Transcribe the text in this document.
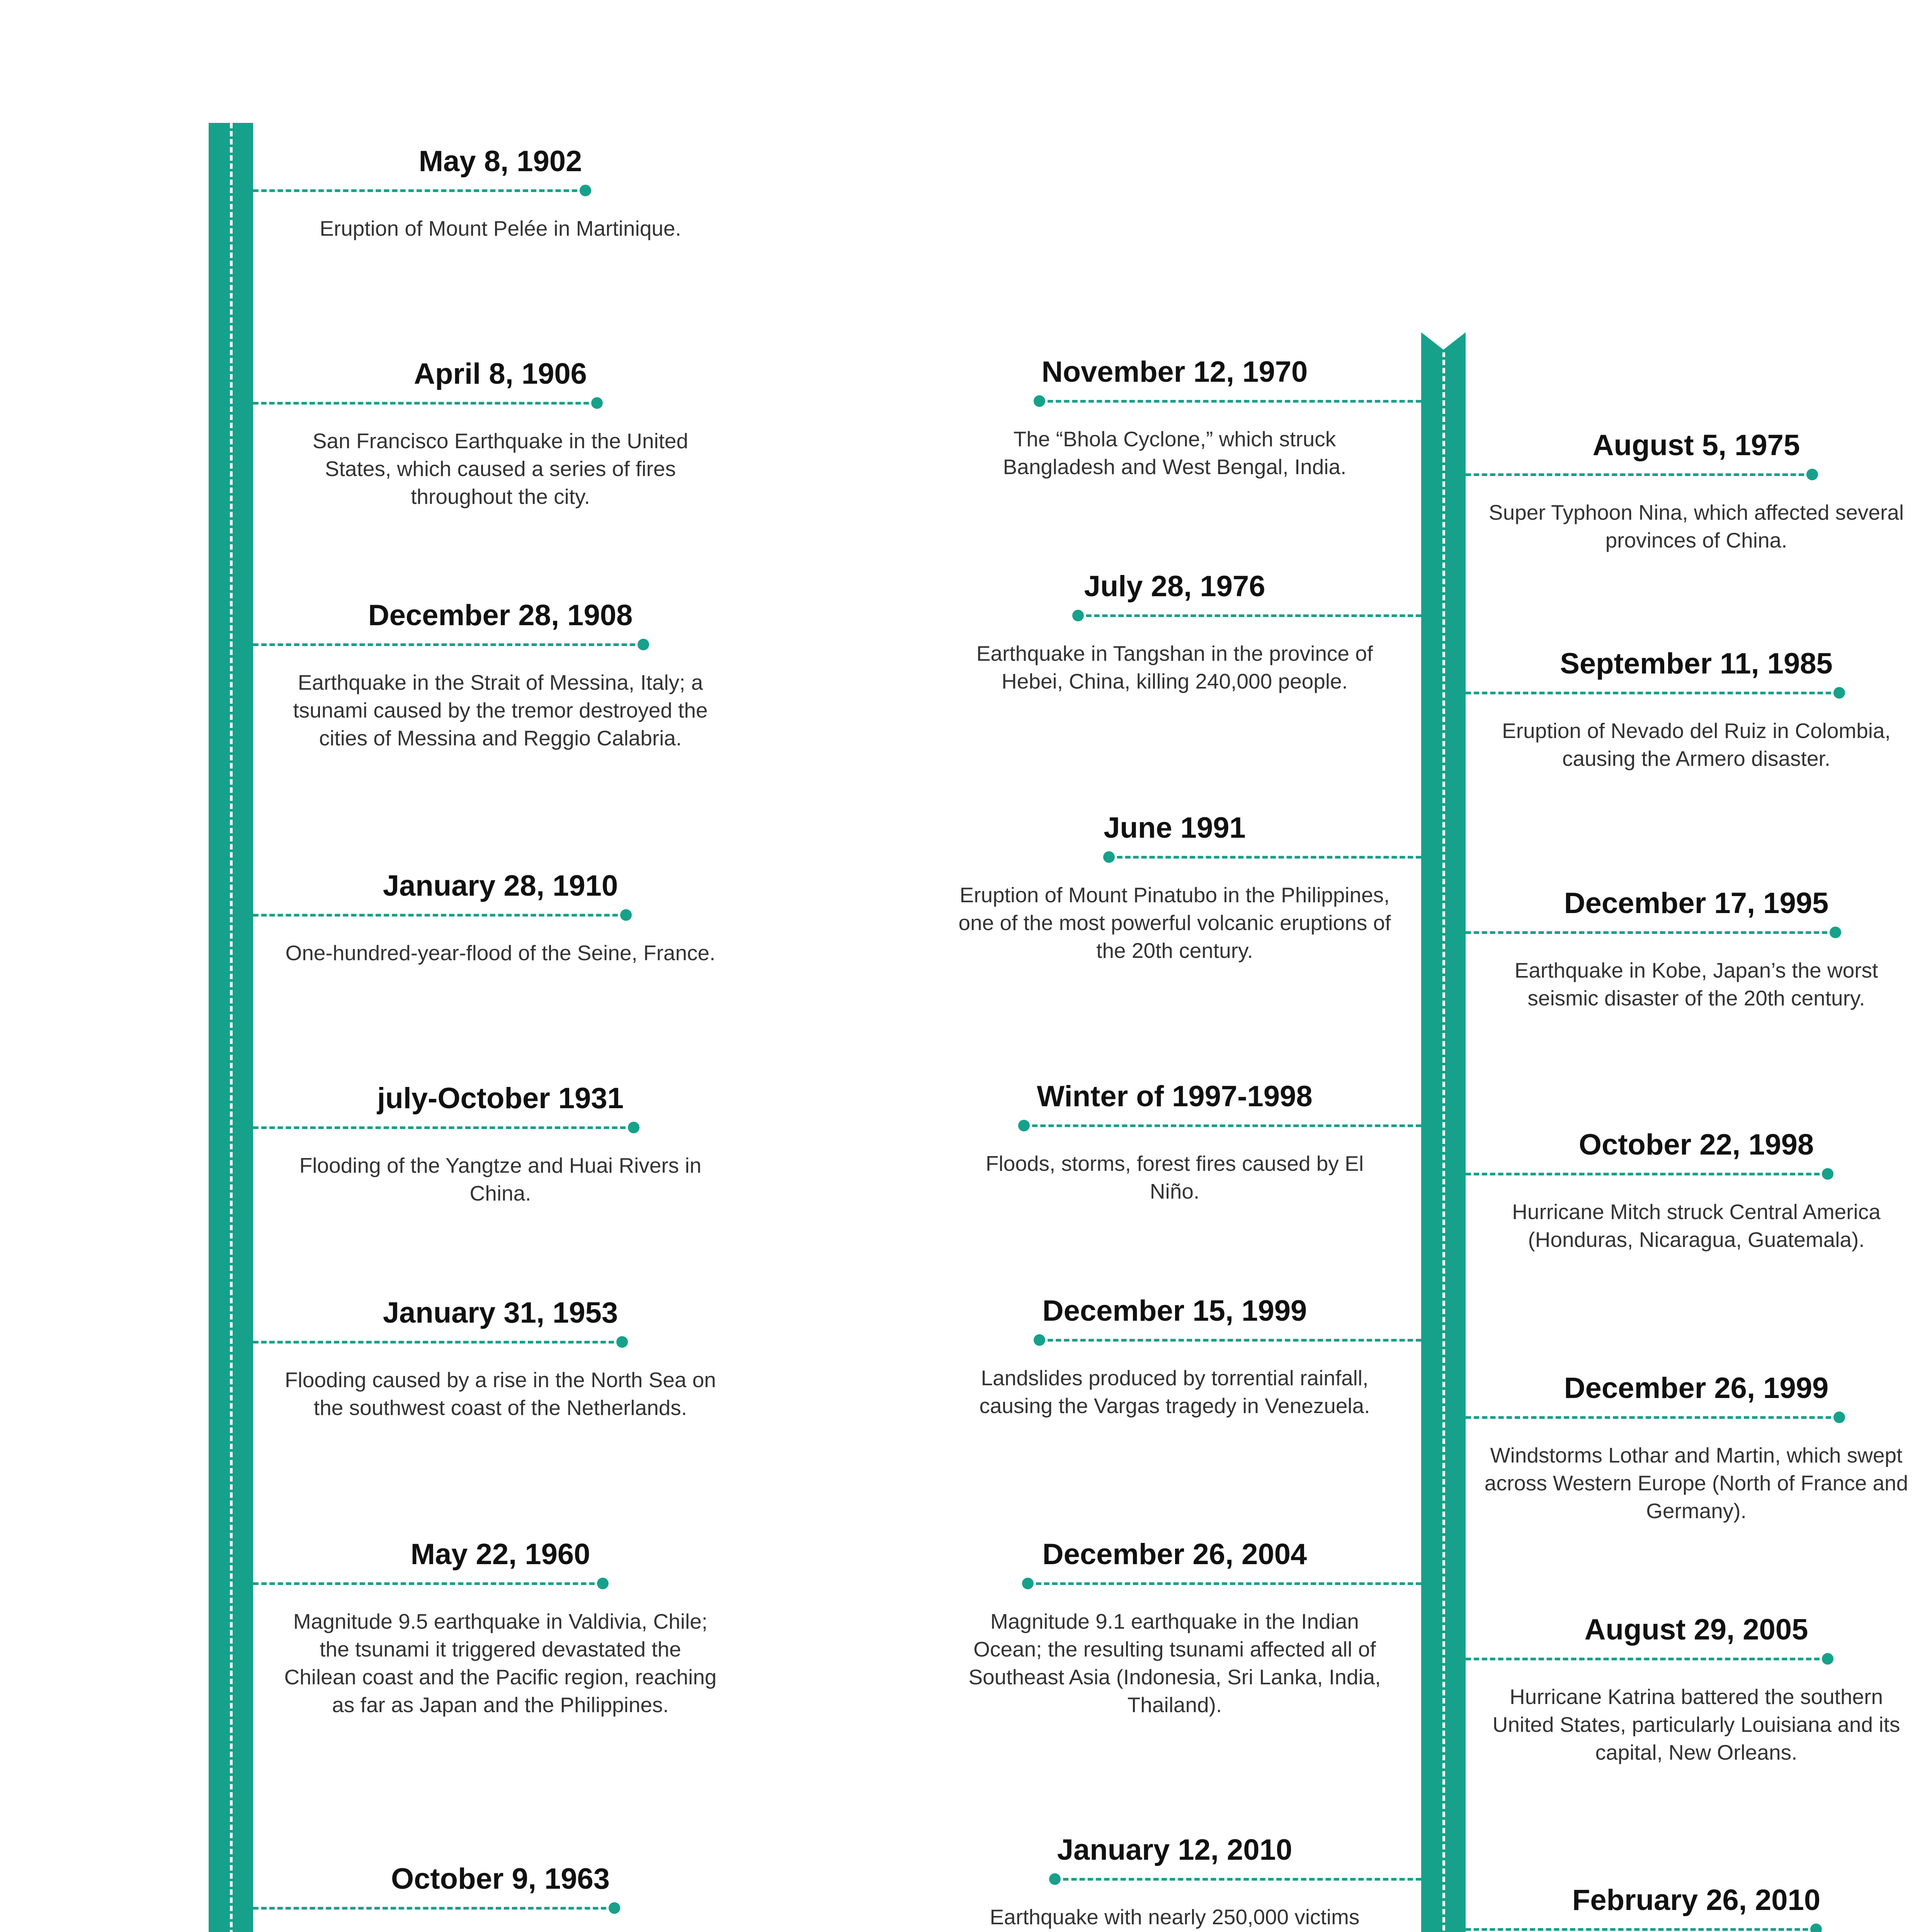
May 8, 1902
Eruption of Mount Pelée in Martinique.
April 8, 1906
San Francisco Earthquake in the United States, which caused a series of fires throughout the city.
December 28, 1908
Earthquake in the Strait of Messina, Italy; a tsunami caused by the tremor destroyed the cities of Messina and Reggio Calabria.
January 28, 1910
One-hundred-year-flood of the Seine, France.
july-October 1931
Flooding of the Yangtze and Huai Rivers in China.
January 31, 1953
Flooding caused by a rise in the North Sea on the southwest coast of the Netherlands.
May 22, 1960
Magnitude 9.5 earthquake in Valdivia, Chile; the tsunami it triggered devastated the Chilean coast and the Pacific region, reaching as far as Japan and the Philippines.
October 9, 1963
November 12, 1970
The “Bhola Cyclone,” which struck Bangladesh and West Bengal, India.
July 28, 1976
Earthquake in Tangshan in the province of Hebei, China, killing 240,000 people.
June 1991
Eruption of Mount Pinatubo in the Philippines, one of the most powerful volcanic eruptions of the 20th century.
Winter of 1997-1998
Floods, storms, forest fires caused by El Niño.
December 15, 1999
Landslides produced by torrential rainfall, causing the Vargas tragedy in Venezuela.
December 26, 2004
Magnitude 9.1 earthquake in the Indian Ocean; the resulting tsunami affected all of Southeast Asia (Indonesia, Sri Lanka, India, Thailand).
January 12, 2010
Earthquake with nearly 250,000 victims
August 5, 1975
Super Typhoon Nina, which affected several provinces of China.
September 11, 1985
Eruption of Nevado del Ruiz in Colombia, causing the Armero disaster.
December 17, 1995
Earthquake in Kobe, Japan’s the worst seismic disaster of the 20th century.
October 22, 1998
Hurricane Mitch struck Central America (Honduras, Nicaragua, Guatemala).
December 26, 1999
Windstorms Lothar and Martin, which swept across Western Europe (North of France and Germany).
August 29, 2005
Hurricane Katrina battered the southern United States, particularly Louisiana and its capital, New Orleans.
February 26, 2010
